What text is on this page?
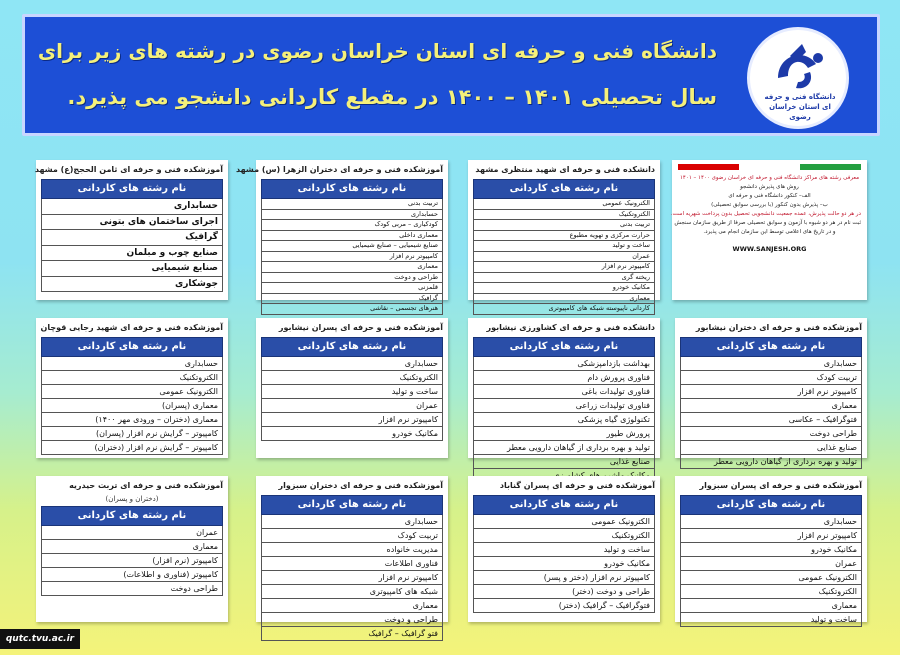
دانشگاه فنی و حرفه ای استان خراسان رضوی در رشته های زیر برای
سال تحصیلی ۱۴۰۱ – ۱۴۰۰ در مقطع کاردانی دانشجو می پذیرد.	دانشگاه فنی و حرفه ای استان خراسان رضوی
آموزشکده فنی و حرفه ای ثامن الحجج(ع) مشهد
نام رشته های کاردانی
حسابداری
اجرای ساختمان های بتونی
گرافیک
صنایع چوب و مبلمان
صنایع شیمیایی
جوشکاری
آموزشکده فنی و حرفه ای دختران الزهرا (س) مشهد
نام رشته های کاردانی
تربیت بدنی
حسابداری
کودکیاری – مربی کودک
معماری داخلی
صنایع شیمیایی – صنایع شیمیایی
کامپیوتر نرم افزار
معماری
طراحی و دوخت
قلمزنی
گرافیک
هنرهای تجسمی – نقاشی
دانشکده فنی و حرفه ای شهید منتظری مشهد
نام رشته های کاردانی
الکترونیک عمومی
الکتروتکنیک
تربیت بدنی
حرارت مرکزی و تهویه مطبوع
ساخت و تولید
عمران
کامپیوتر نرم افزار
ریخته گری
مکانیک خودرو
معماری
کاردانی ناپیوسته شبکه های کامپیوتری
معرفی رشته های مراکز دانشگاه فنی و حرفه ای خراسان رضوی ۱۴۰۰ – ۱۴۰۱
روش های پذیرش دانشجو
الف– کنکور دانشگاه فنی و حرفه ای
ب– پذیرش بدون کنکور (با بررسی سوابق تحصیلی)
در هر دو حالت پذیرش، عمده جمعیت دانشجویی تحصیل بدون پرداخت شهریه است.
ثبت نام در هر دو شیوه با آزمون و سوابق تحصیلی صرفا از طریق سازمان سنجش
و در تاریخ های اعلامی توسط این سازمان انجام می پذیرد.
WWW.SANJESH.ORG
آموزشکده فنی و حرفه ای شهید رجایی قوچان
نام رشته های کاردانی
حسابداری
الکتروتکنیک
الکترونیک عمومی
معماری (پسران)
معماری (دختران – ورودی مهر ۱۴۰۰)
کامپیوتر – گرایش نرم افزار (پسران)
کامپیوتر – گرایش نرم افزار (دختران)
آموزشکده فنی و حرفه ای پسران نیشابور
نام رشته های کاردانی
حسابداری
الکتروتکنیک
ساخت و تولید
عمران
کامپیوتر نرم افزار
مکانیک خودرو
دانشکده فنی و حرفه ای کشاورزی نیشابور
نام رشته های کاردانی
بهداشت بازدامپزشکی
فناوری پرورش دام
فناوری تولیدات باغی
فناوری تولیدات زراعی
تکنولوژی گیاه پزشکی
پرورش طیور
تولید و بهره برداری از گیاهان دارویی معطر
صنایع غذایی
آموزشکده فنی و حرفه ای دختران نیشابور
نام رشته های کاردانی
حسابداری
تربیت کودک
کامپیوتر نرم افزار
معماری
فتوگرافیک – عکاسی
طراحی دوخت
صنایع غذایی
تولید و بهره برداری از گیاهان دارویی معطر
آموزشکده فنی و حرفه ای تربت حیدریه
(دختران و پسران)
نام رشته های کاردانی
عمران
معماری
کامپیوتر (نرم افزار)
کامپیوتر (فناوری و اطلاعات)
طراحی دوخت
آموزشکده فنی و حرفه ای دختران سبزوار
نام رشته های کاردانی
حسابداری
تربیت کودک
مدیریت خانواده
فناوری اطلاعات
کامپیوتر نرم افزار
شبکه های کامپیوتری
معماری
طراحی و دوخت
فتو گرافیک – گرافیک
آموزشکده فنی و حرفه ای پسران گناباد
نام رشته های کاردانی
الکترونیک عمومی
الکتروتکنیک
ساخت و تولید
مکانیک خودرو
کامپیوتر نرم افزار (دختر و پسر)
طراحی و دوخت (دختر)
فتوگرافیک – گرافیک (دختر)
آموزشکده فنی و حرفه ای پسران سبزوار
نام رشته های کاردانی
حسابداری
کامپیوتر نرم افزار
مکانیک خودرو
عمران
الکترونیک عمومی
الکتروتکنیک
معماری
ساخت و تولید
qutc.tvu.ac.ir
